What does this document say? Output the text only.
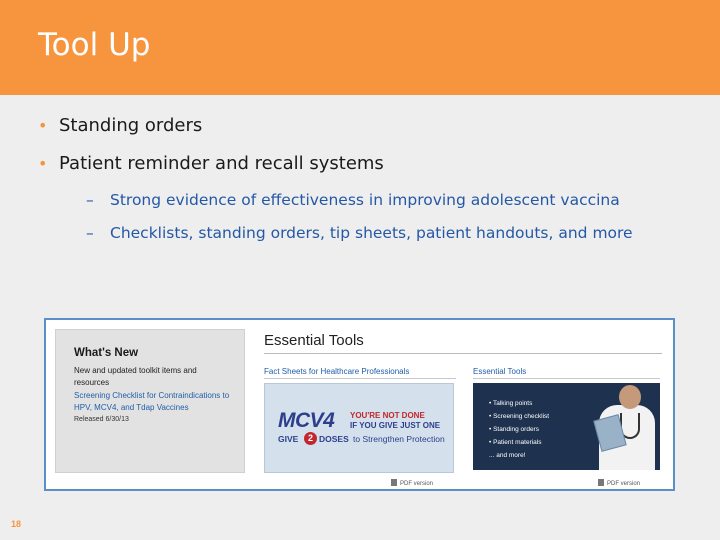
Tool Up
• Standing orders
• Patient reminder and recall systems
– Strong evidence of effectiveness in improving adolescent vaccina
– Checklists, standing orders, tip sheets, patient handouts, and more
What's New
New and updated toolkit items and resources
Screening Checklist for Contraindications to HPV, MCV4, and Tdap Vaccines
Released 6/30/13
Essential Tools
Fact Sheets for Healthcare Professionals	Essential Tools
MCV4 YOU'RE NOT DONE
IF YOU GIVE JUST ONE
GIVE	2 DOSES to Strengthen Protection
• Talking points
• Screening checklist
• Standing orders
• Patient materials
... and more!
PDF version	PDF version
18
